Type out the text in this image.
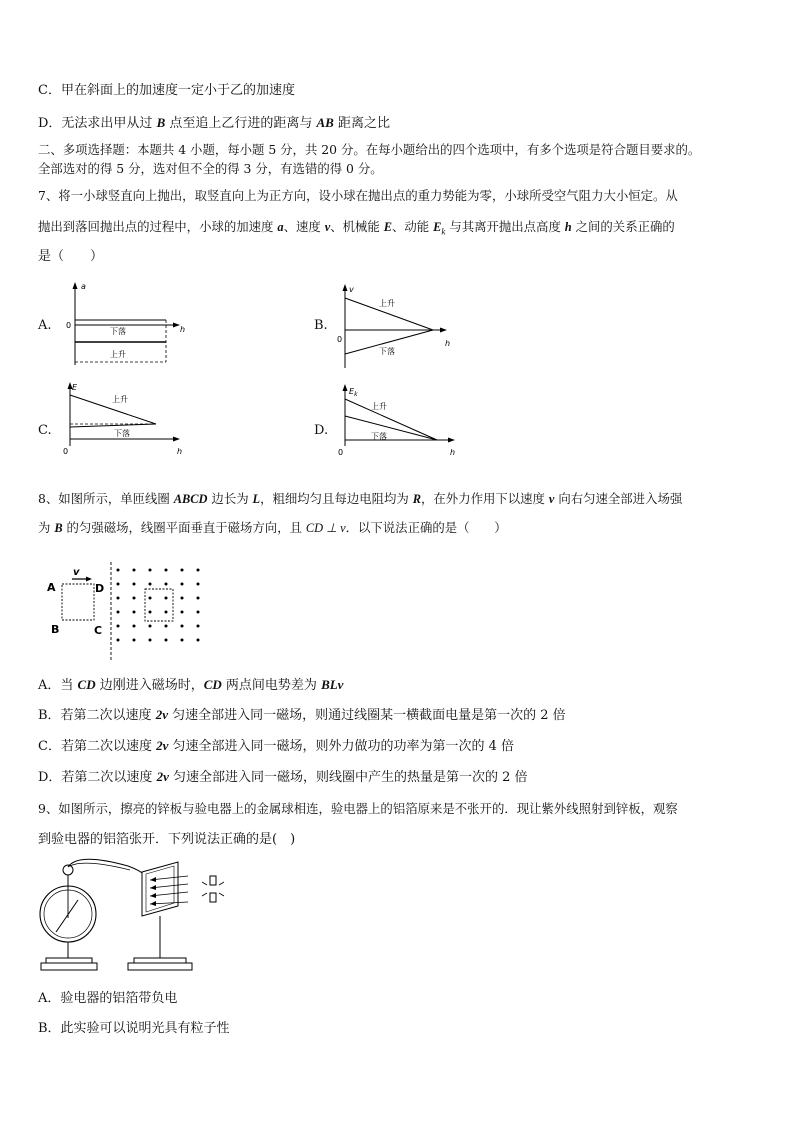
C．甲在斜面上的加速度一定小于乙的加速度
D．无法求出甲从过 B 点至追上乙行进的距离与 AB 距离之比
二、多项选择题：本题共 4 小题，每小题 5 分，共 20 分。在每小题给出的四个选项中，有多个选项是符合题目要求的。
全部选对的得 5 分，选对但不全的得 3 分，有选错的得 0 分。
7、将一小球竖直向上抛出，取竖直向上为正方向，设小球在抛出点的重力势能为零，小球所受空气阻力大小恒定。从
抛出到落回抛出点的过程中，小球的加速度 a、速度 v、机械能 E、动能 $E_k$ 与其离开抛出点高度 h 之间的关系正确的
是（　　）
A.	B.
C.	D.
a
h
0
下落
上升
v
h
0
上升
下落
E
h
0
上升
下落
$E_k$
h
0
上升
下落
8、如图所示，单匝线圈 ABCD 边长为 L，粗细均匀且每边电阻均为 R，在外力作用下以速度 v 向右匀速全部进入场强
为 B 的匀强磁场，线圈平面垂直于磁场方向，且 CD ⊥ v．以下说法正确的是（　　）
A	D
B	C
v
A．当 CD 边刚进入磁场时，CD 两点间电势差为 BLv
B．若第二次以速度 2v 匀速全部进入同一磁场，则通过线圈某一横截面电量是第一次的 2 倍
C．若第二次以速度 2v 匀速全部进入同一磁场，则外力做功的功率为第一次的 4 倍
D．若第二次以速度 2v 匀速全部进入同一磁场，则线圈中产生的热量是第一次的 2 倍
9、如图所示，擦亮的锌板与验电器上的金属球相连，验电器上的铝箔原来是不张开的．现让紫外线照射到锌板，观察
到验电器的铝箔张开．下列说法正确的是(　)
A．验电器的铝箔带负电
B．此实验可以说明光具有粒子性
